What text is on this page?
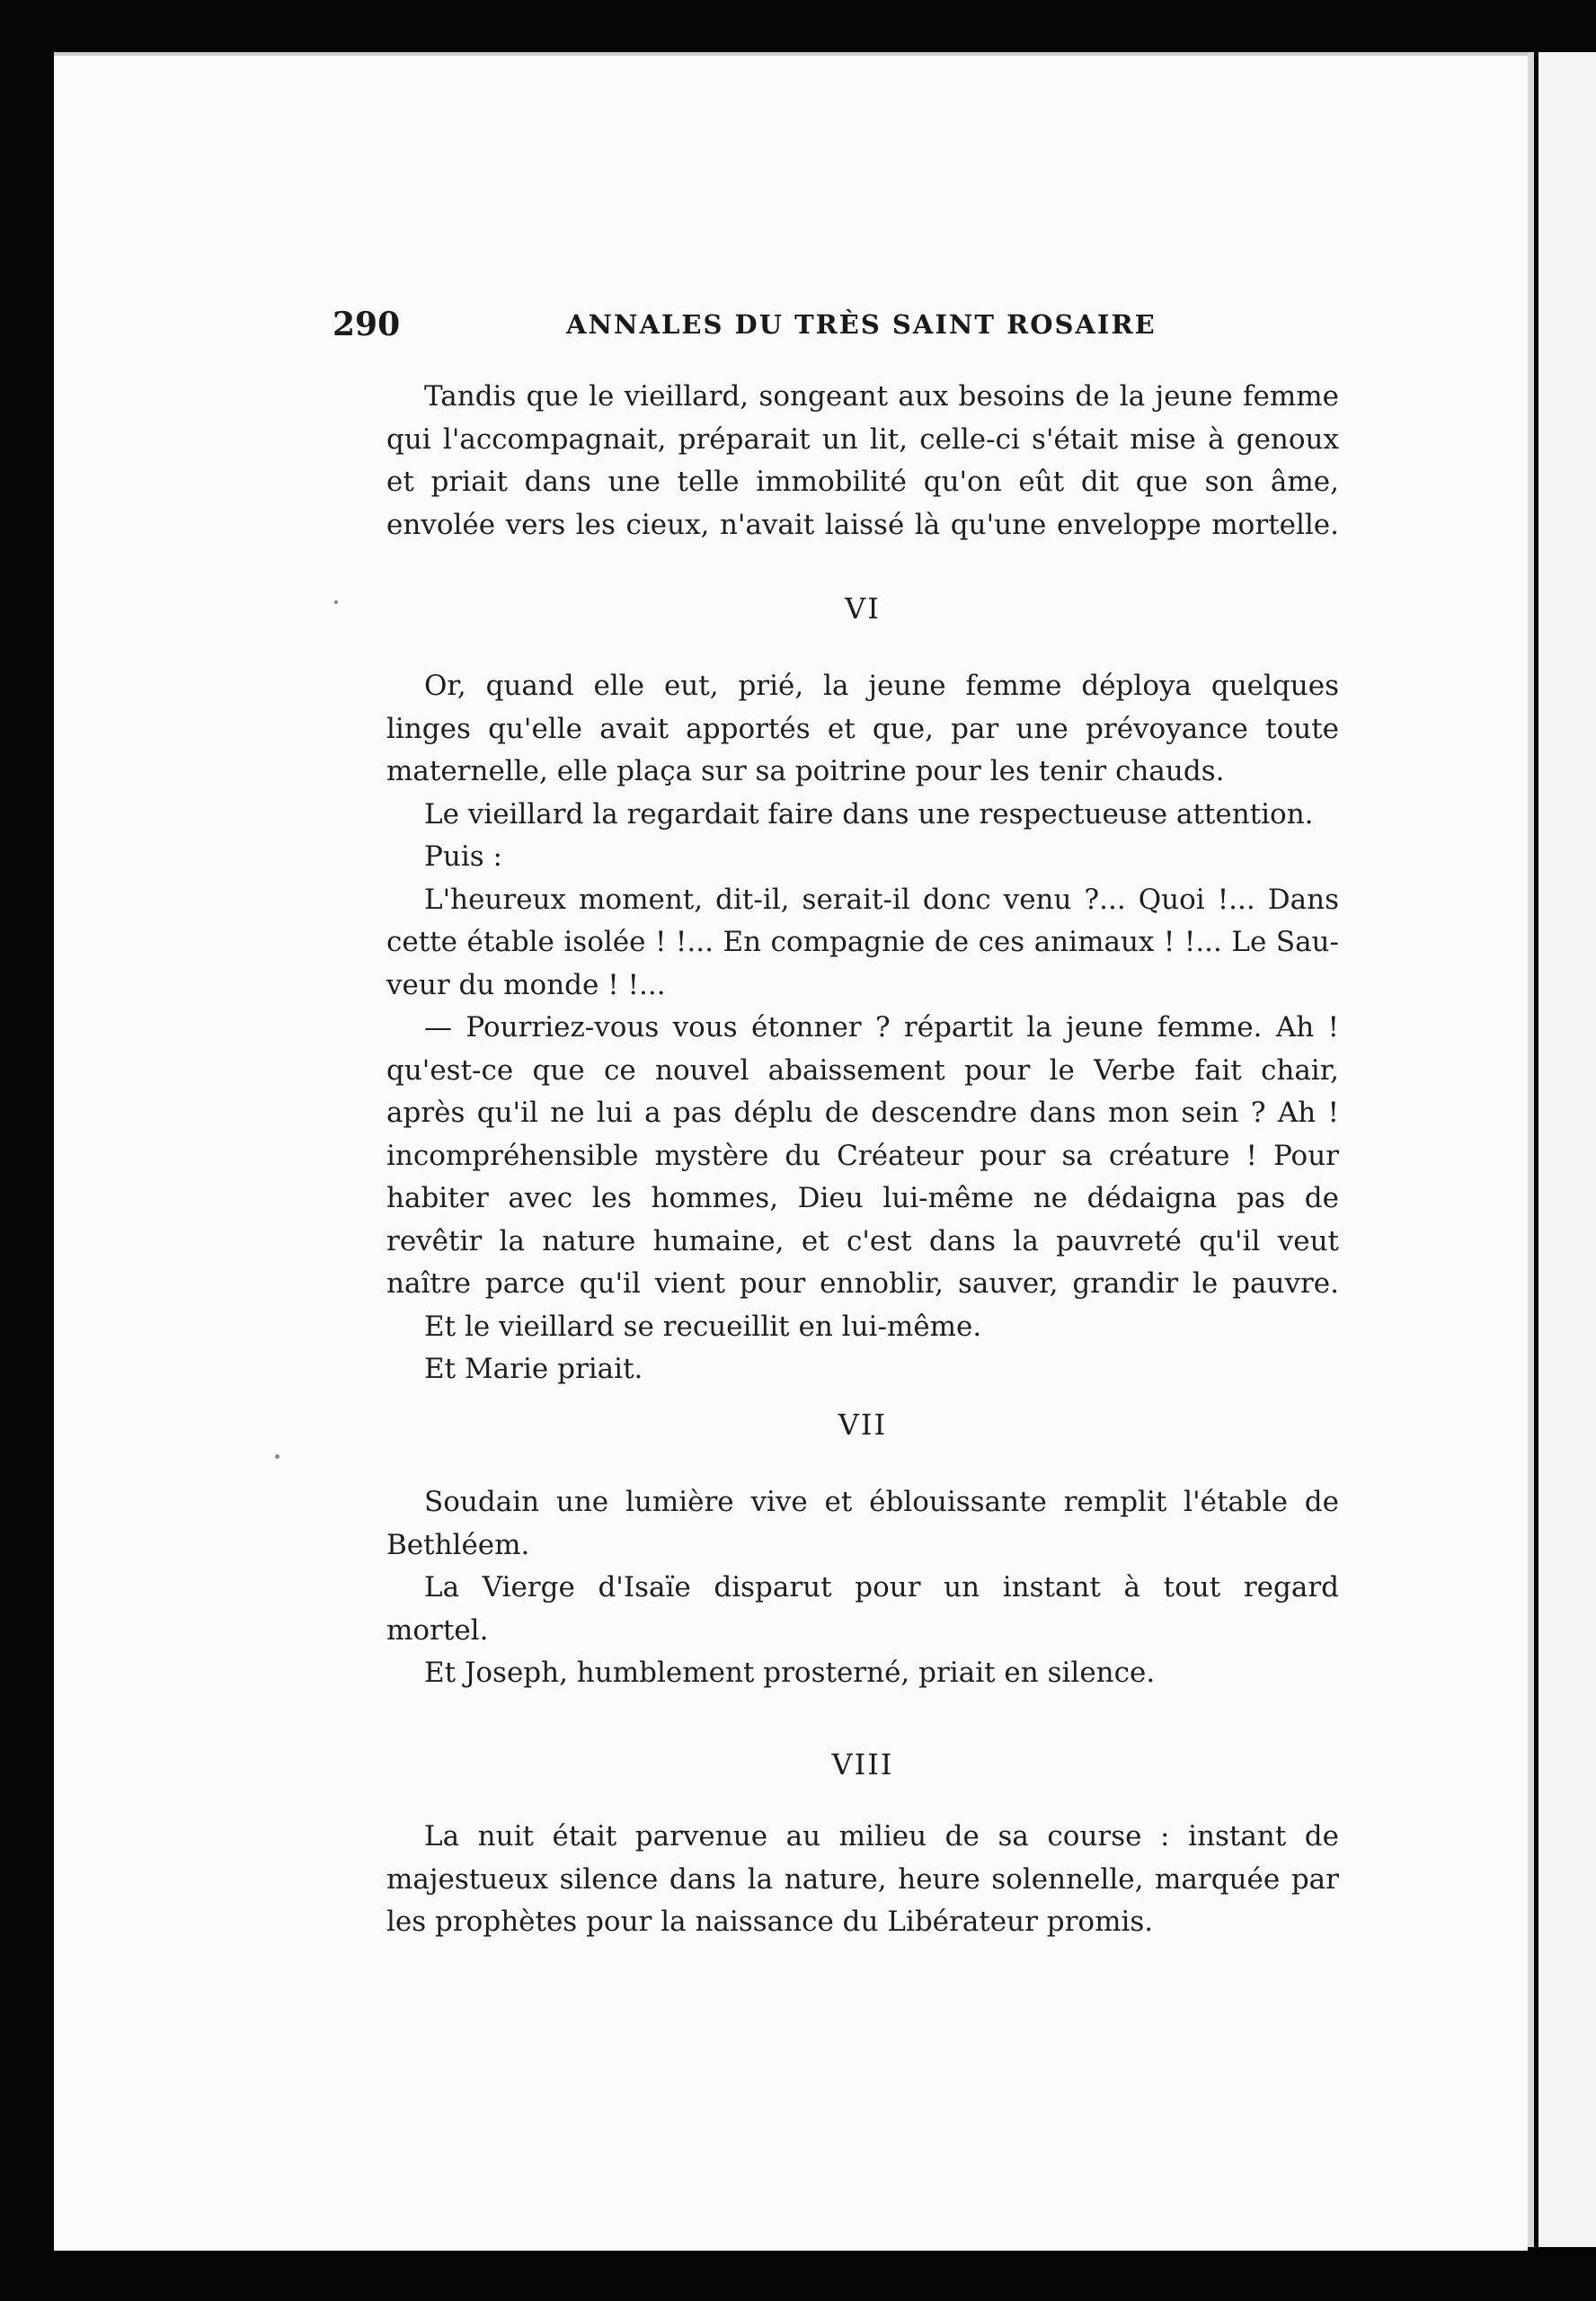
290	ANNALES DU TRÈS SAINT ROSAIRE
Tandis que le vieillard, songeant aux besoins de la jeune femme
qui l'accompagnait, préparait un lit, celle-ci s'était mise à genoux
et priait dans une telle immobilité qu'on eût dit que son âme,
envolée vers les cieux, n'avait laissé là qu'une enveloppe mortelle.
VI
Or, quand elle eut, prié, la jeune femme déploya quelques
linges qu'elle avait apportés et que, par une prévoyance toute
maternelle, elle plaça sur sa poitrine pour les tenir chauds.
Le vieillard la regardait faire dans une respectueuse attention.
Puis :
L'heureux moment, dit-il, serait-il donc venu ?... Quoi !... Dans
cette étable isolée ! !... En compagnie de ces animaux ! !... Le Sau-
veur du monde ! !...
— Pourriez-vous vous étonner ? répartit la jeune femme. Ah !
qu'est-ce que ce nouvel abaissement pour le Verbe fait chair,
après qu'il ne lui a pas déplu de descendre dans mon sein ? Ah !
incompréhensible mystère du Créateur pour sa créature ! Pour
habiter avec les hommes, Dieu lui-même ne dédaigna pas de
revêtir la nature humaine, et c'est dans la pauvreté qu'il veut
naître parce qu'il vient pour ennoblir, sauver, grandir le pauvre.
Et le vieillard se recueillit en lui-même.
Et Marie priait.
VII
Soudain une lumière vive et éblouissante remplit l'étable de
Bethléem.
La Vierge d'Isaïe disparut pour un instant à tout regard
mortel.
Et Joseph, humblement prosterné, priait en silence.
VIII
La nuit était parvenue au milieu de sa course : instant de
majestueux silence dans la nature, heure solennelle, marquée par
les prophètes pour la naissance du Libérateur promis.
